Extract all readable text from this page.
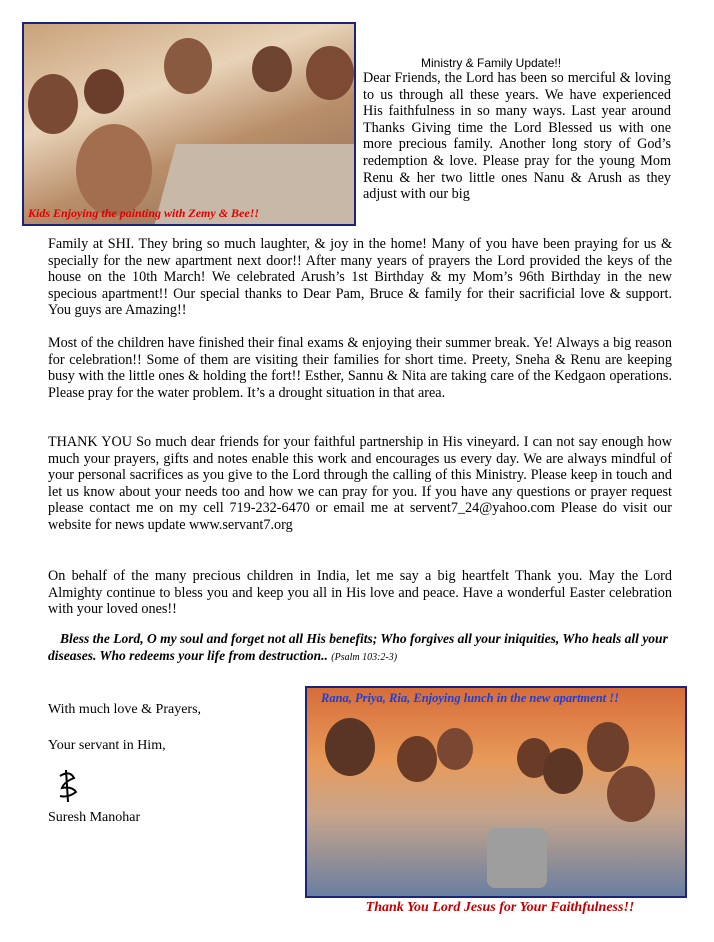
Kids Enjoying the painting with Zemy & Bee!!
Ministry & Family Update!!
Dear Friends, the Lord has been so merciful & loving to us through all these years. We have experienced His faithfulness in so many ways. Last year around Thanks Giving time the Lord Blessed us with one more precious family. Another long story of God’s redemption & love. Please pray for the young Mom Renu & her two little ones Nanu & Arush as they adjust with our big
Family at SHI. They bring so much laughter, & joy in the home! Many of you have been praying for us & specially for the new apartment next door!! After many years of prayers the Lord provided the keys of the house on the 10th March! We celebrated Arush’s 1st Birthday & my Mom’s 96th Birthday in the new specious apartment!! Our special thanks to Dear Pam, Bruce & family for their sacrificial love & support. You guys are Amazing!!
Most of the children have finished their final exams & enjoying their summer break. Ye! Always a big reason for celebration!! Some of them are visiting their families for short time. Preety, Sneha & Renu are keeping busy with the little ones & holding the fort!! Esther, Sannu & Nita are taking care of the Kedgaon operations. Please pray for the water problem. It’s a drought situation in that area.
THANK YOU So much dear friends for your faithful partnership in His vineyard. I can not say enough how much your prayers, gifts and notes enable this work and encourages us every day. We are always mindful of your personal sacrifices as you give to the Lord through the calling of this Ministry. Please keep in touch and let us know about your needs too and how we can pray for you. If you have any questions or prayer request please contact me on my cell 719-232-6470 or email me at servent7_24@yahoo.com Please do visit our website for news update www.servant7.org
On behalf of the many precious children in India, let me say a big heartfelt Thank you. May the Lord Almighty continue to bless you and keep you all in His love and peace. Have a wonderful Easter celebration with your loved ones!!
Bless the Lord, O my soul and forget not all His benefits; Who forgives all your iniquities, Who heals all your diseases. Who redeems your life from destruction.. (Psalm 103:2-3)
With much love & Prayers,
Your servant in Him,
Suresh Manohar
Rana, Priya, Ria, Enjoying lunch in the new apartment !!
Thank You Lord Jesus for Your Faithfulness!!
